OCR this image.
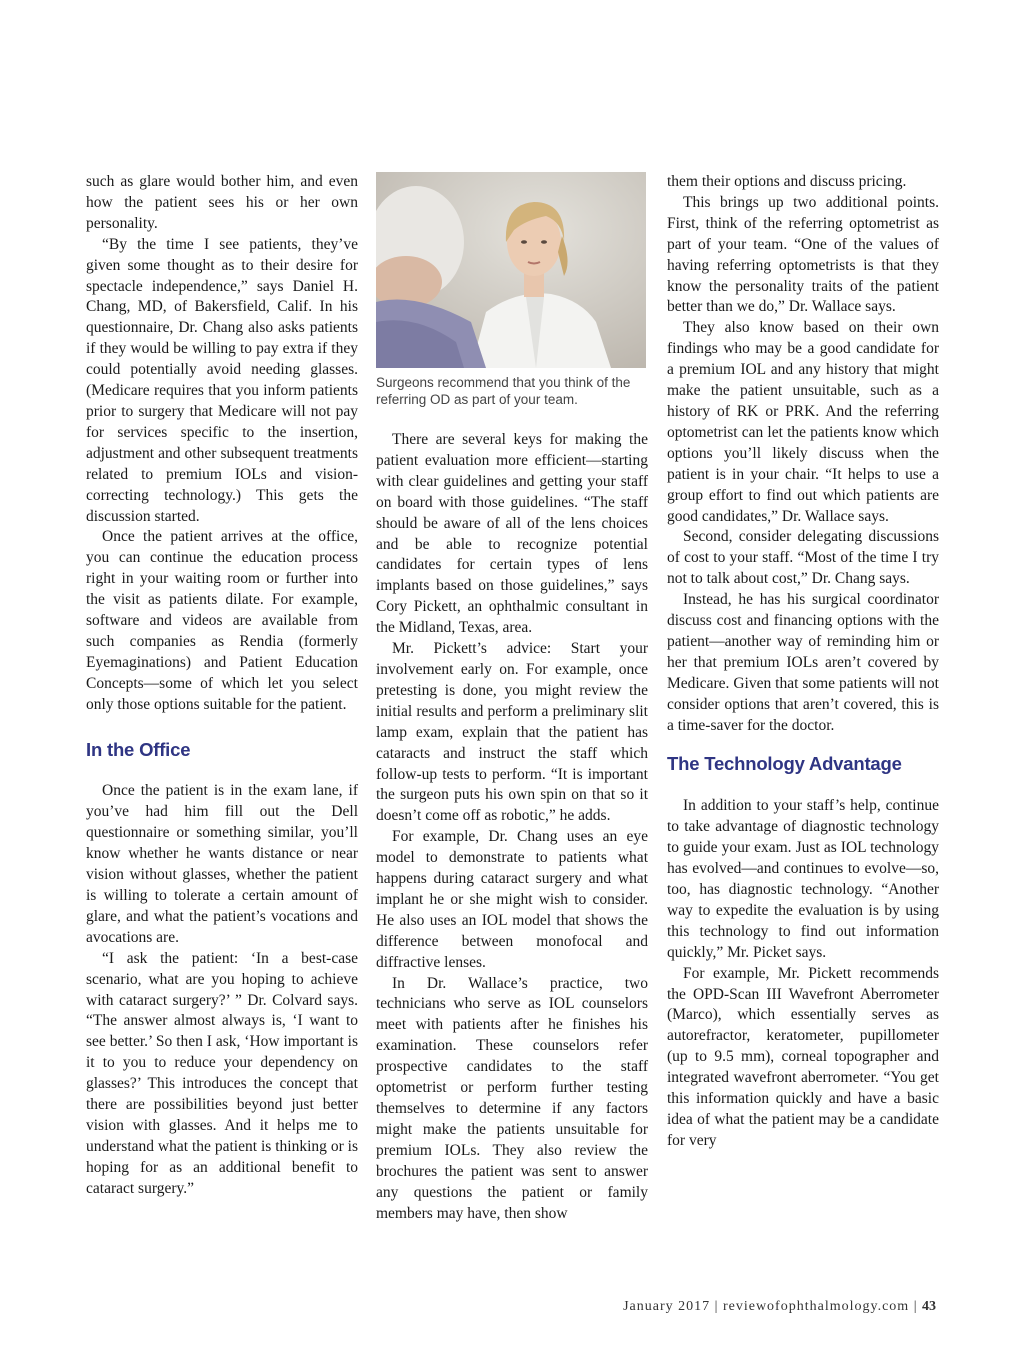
such as glare would bother him, and even how the patient sees his or her own personality.

“By the time I see patients, they’ve given some thought as to their desire for spectacle independence,” says Daniel H. Chang, MD, of Bakersfield, Calif. In his questionnaire, Dr. Chang also asks patients if they would be willing to pay extra if they could potentially avoid needing glasses. (Medicare requires that you inform patients prior to surgery that Medicare will not pay for services specific to the insertion, adjustment and other subsequent treatments related to premium IOLs and vision-correcting technology.) This gets the discussion started.

Once the patient arrives at the office, you can continue the education process right in your waiting room or further into the visit as patients dilate. For example, software and videos are available from such companies as Rendia (formerly Eyemaginations) and Patient Education Concepts—some of which let you select only those options suitable for the patient.

In the Office

Once the patient is in the exam lane, if you’ve had him fill out the Dell questionnaire or something similar, you’ll know whether he wants distance or near vision without glasses, whether the patient is willing to tolerate a certain amount of glare, and what the patient’s vocations and avocations are.

“I ask the patient: ‘In a best-case scenario, what are you hoping to achieve with cataract surgery?’ ” Dr. Colvard says. “The answer almost always is, ‘I want to see better.’ So then I ask, ‘How important is it to you to reduce your dependency on glasses?’ This introduces the concept that there are possibilities beyond just better vision with glasses. And it helps me to understand what the patient is thinking or is hoping for as an additional benefit to cataract surgery.”

Surgeons recommend that you think of the referring OD as part of your team.

There are several keys for making the patient evaluation more efficient—starting with clear guidelines and getting your staff on board with those guidelines. “The staff should be aware of all of the lens choices and be able to recognize potential candidates for certain types of lens implants based on those guidelines,” says Cory Pickett, an ophthalmic consultant in the Midland, Texas, area.

Mr. Pickett’s advice: Start your involvement early on. For example, once pretesting is done, you might review the initial results and perform a preliminary slit lamp exam, explain that the patient has cataracts and instruct the staff which follow-up tests to perform. “It is important the surgeon puts his own spin on that so it doesn’t come off as robotic,” he adds.

For example, Dr. Chang uses an eye model to demonstrate to patients what happens during cataract surgery and what implant he or she might wish to consider. He also uses an IOL model that shows the difference between monofocal and diffractive lenses.

In Dr. Wallace’s practice, two technicians who serve as IOL counselors meet with patients after he finishes his examination. These counselors refer prospective candidates to the staff optometrist or perform further testing themselves to determine if any factors might make the patients unsuitable for premium IOLs. They also review the brochures the patient was sent to answer any questions the patient or family members may have, then show

them their options and discuss pricing.

This brings up two additional points. First, think of the referring optometrist as part of your team. “One of the values of having referring optometrists is that they know the personality traits of the patient better than we do,” Dr. Wallace says.

They also know based on their own findings who may be a good candidate for a premium IOL and any history that might make the patient unsuitable, such as a history of RK or PRK. And the referring optometrist can let the patients know which options you’ll likely discuss when the patient is in your chair. “It helps to use a group effort to find out which patients are good candidates,” Dr. Wallace says.

Second, consider delegating discussions of cost to your staff. “Most of the time I try not to talk about cost,” Dr. Chang says.

Instead, he has his surgical coordinator discuss cost and financing options with the patient—another way of reminding him or her that premium IOLs aren’t covered by Medicare. Given that some patients will not consider options that aren’t covered, this is a time-saver for the doctor.

The Technology Advantage

In addition to your staff’s help, continue to take advantage of diagnostic technology to guide your exam. Just as IOL technology has evolved—and continues to evolve—so, too, has diagnostic technology. “Another way to expedite the evaluation is by using this technology to find out information quickly,” Mr. Picket says.

For example, Mr. Pickett recommends the OPD-Scan III Wavefront Aberrometer (Marco), which essentially serves as autorefractor, keratometer, pupillometer (up to 9.5 mm), corneal topographer and integrated wavefront aberrometer. “You get this information quickly and have a basic idea of what the patient may be a candidate for very

January 2017 | reviewofophthalmology.com | 43
